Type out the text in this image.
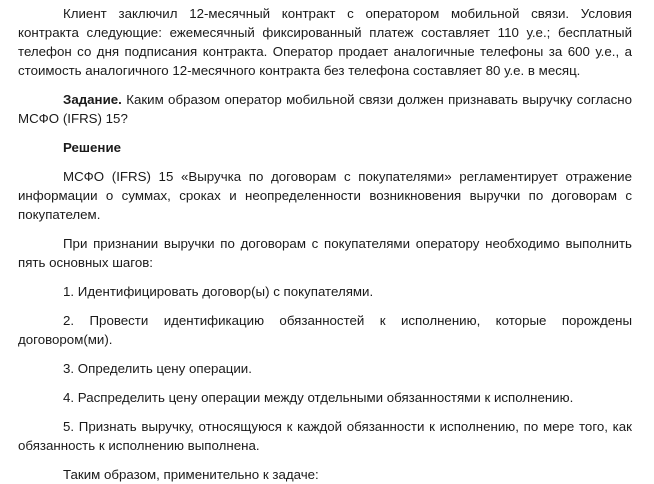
Клиент заключил 12-месячный контракт с оператором мобильной связи. Условия контракта следующие: ежемесячный фиксированный платеж составляет 110 у.е.; бесплатный телефон со дня подписания контракта. Оператор продает аналогичные телефоны за 600 у.е., а стоимость аналогичного 12-месячного контракта без телефона составляет 80 у.е. в месяц.

Задание. Каким образом оператор мобильной связи должен признавать выручку согласно МСФО (IFRS) 15?

Решение

МСФО (IFRS) 15 «Выручка по договорам с покупателями» регламентирует отражение информации о суммах, сроках и неопределенности возникновения выручки по договорам с покупателем.

При признании выручки по договорам с покупателями оператору необходимо выполнить пять основных шагов:

1. Идентифицировать договор(ы) с покупателями.

2. Провести идентификацию обязанностей к исполнению, которые порождены договором(ми).

3. Определить цену операции.

4. Распределить цену операции между отдельными обязанностями к исполнению.

5. Признать выручку, относящуюся к каждой обязанности к исполнению, по мере того, как обязанность к исполнению выполнена.

Таким образом, применительно к задаче:
